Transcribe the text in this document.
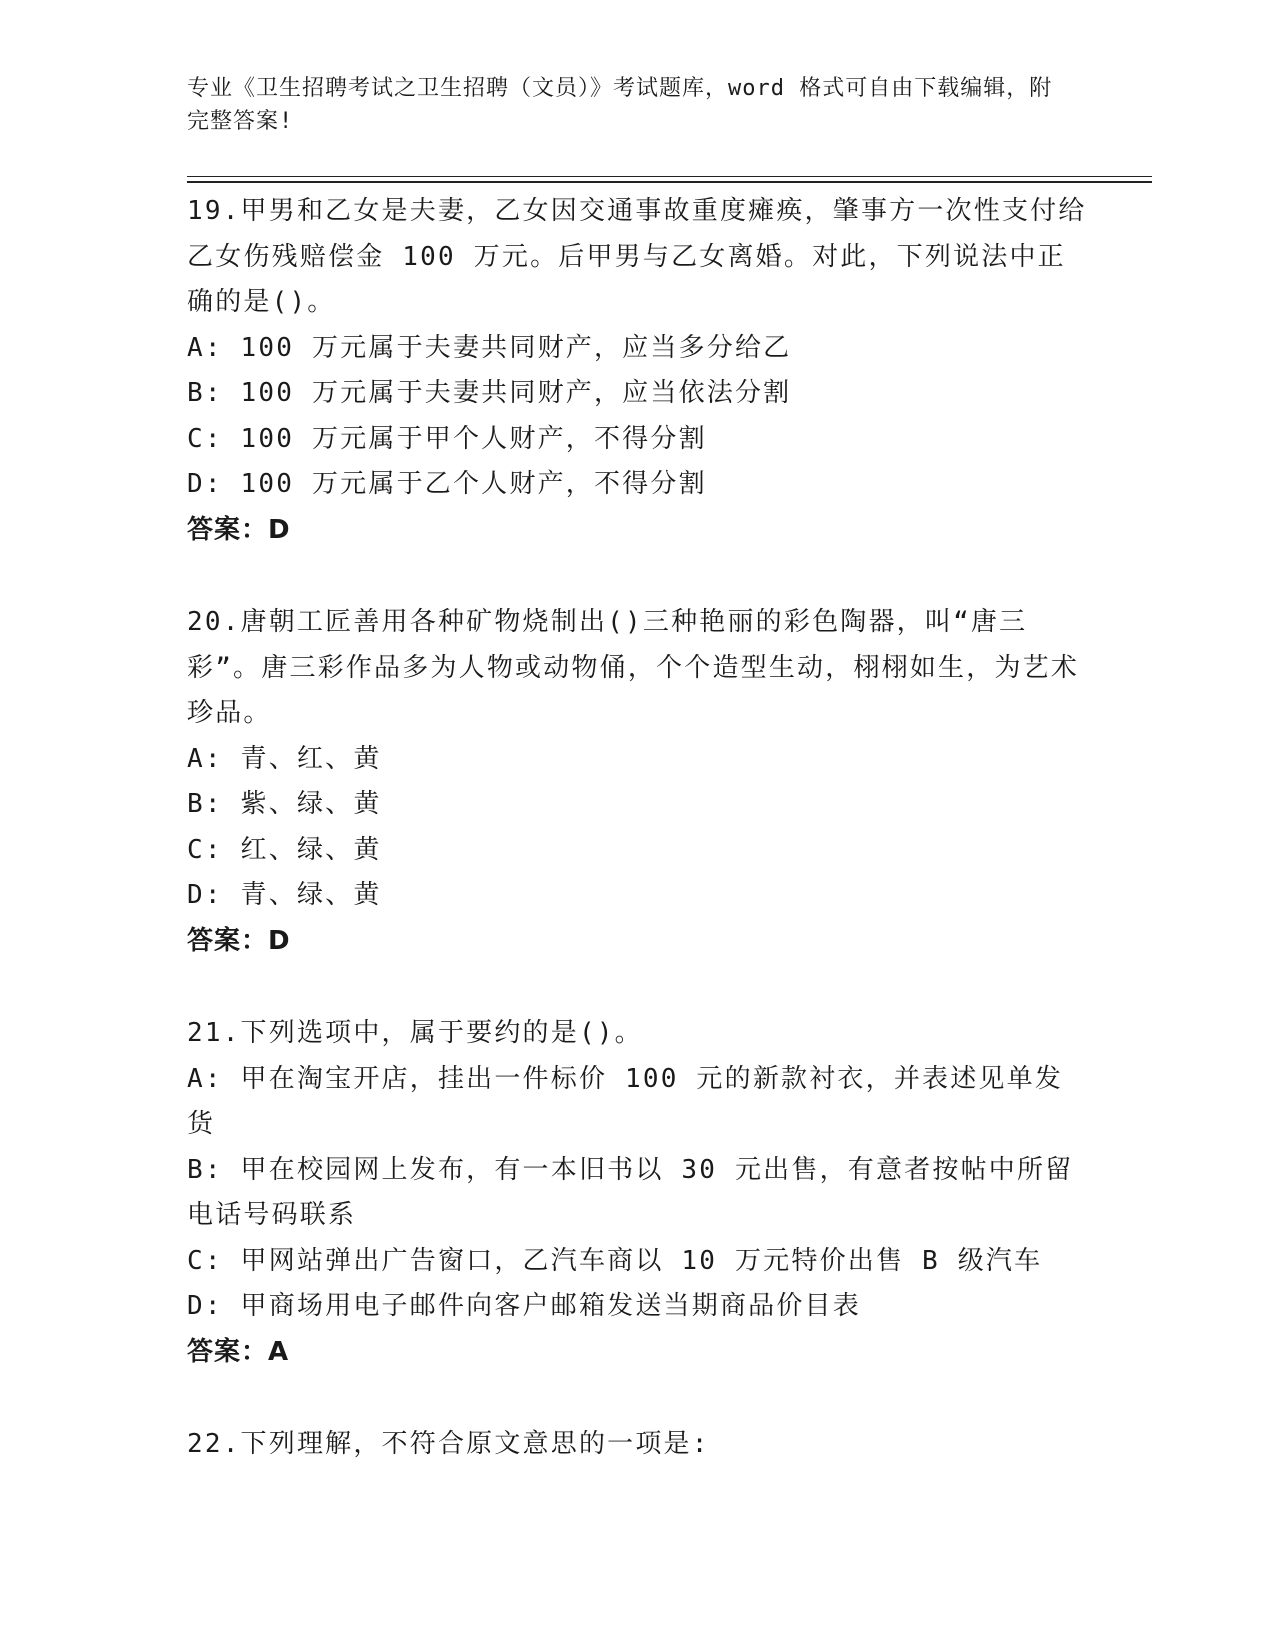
专业《卫生招聘考试之卫生招聘（文员）》考试题库，word 格式可自由下载编辑，附完整答案!
19.甲男和乙女是夫妻，乙女因交通事故重度瘫痪，肇事方一次性支付给乙女伤残赔偿金 100 万元。后甲男与乙女离婚。对此，下列说法中正确的是()。
A: 100 万元属于夫妻共同财产，应当多分给乙
B: 100 万元属于夫妻共同财产，应当依法分割
C: 100 万元属于甲个人财产，不得分割
D: 100 万元属于乙个人财产，不得分割
答案：D
20.唐朝工匠善用各种矿物烧制出()三种艳丽的彩色陶器，叫“唐三彩”。唐三彩作品多为人物或动物俑，个个造型生动，栩栩如生，为艺术珍品。
A: 青、红、黄
B: 紫、绿、黄
C: 红、绿、黄
D: 青、绿、黄
答案：D
21.下列选项中，属于要约的是()。
A: 甲在淘宝开店，挂出一件标价 100 元的新款衬衣，并表述见单发货
B: 甲在校园网上发布，有一本旧书以 30 元出售，有意者按帖中所留电话号码联系
C: 甲网站弹出广告窗口，乙汽车商以 10 万元特价出售 B 级汽车
D: 甲商场用电子邮件向客户邮箱发送当期商品价目表
答案：A
22.下列理解，不符合原文意思的一项是:
